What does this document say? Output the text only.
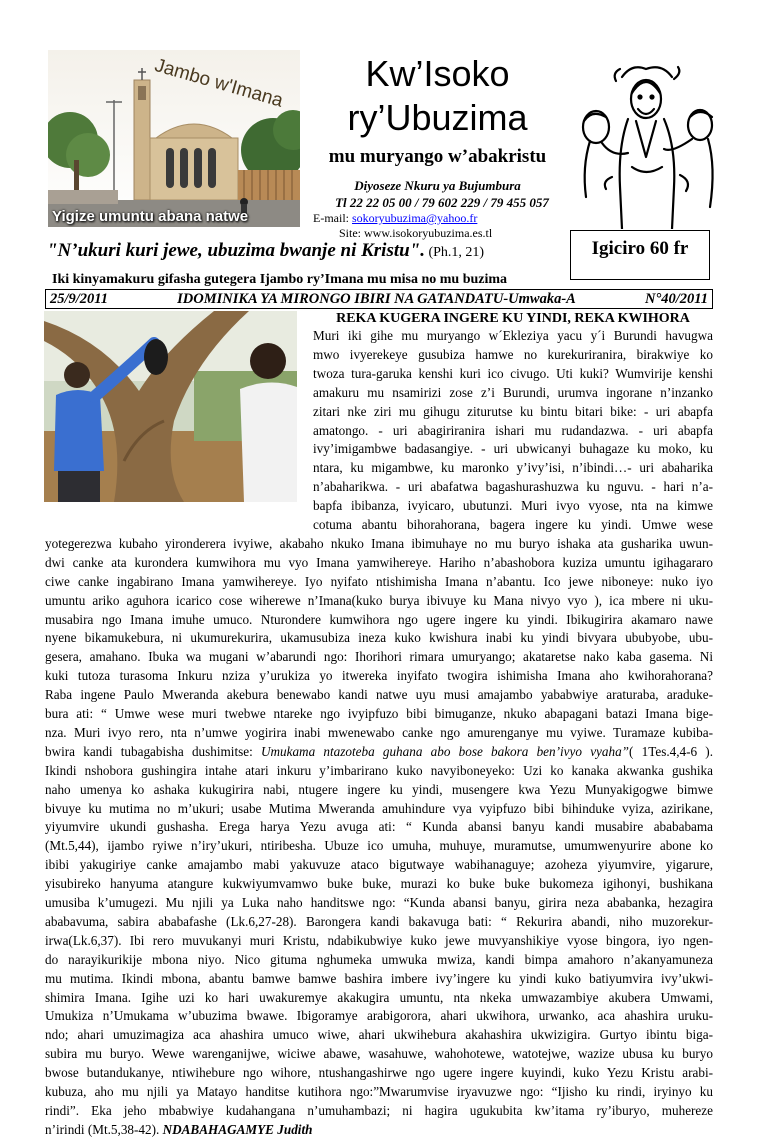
Jambo w'Imana
Yigize umuntu abana natwe
Kw’Isoko
ry’Ubuzima
mu muryango w’abakristu
Diyoseze Nkuru ya Bujumbura
Tl 22 22 05 00 / 79 602 229 / 79 455 057
E-mail: sokoryubuzima@yahoo.fr
Site: www.isokoryubuzima.es.tl
"N’ukuri kuri jewe, ubuzima bwanje ni Kristu". (Ph.1, 21)	Igiciro 60 fr
Iki kinyamakuru gifasha gutegera Ijambo ry’Imana mu misa no mu buzima
25/9/2011	IDOMINIKA YA MIRONGO IBIRI NA GATANDATU-Umwaka-A	N°40/2011
REKA KUGERA INGERE KU YINDI, REKA KWIHORA
Muri iki gihe mu muryango w´Ekleziya yacu y´i Burundi havugwa
mwo ivyerekeye gusubiza hamwe no kurekuriranira, birakwiye ko
twoza tura-garuka kenshi kuri ico civugo. Uti kuki? Wumvirije kenshi
amakuru mu nsamirizi zose z’i Burundi, urumva ingorane n’inzanko
zitari nke ziri mu gihugu ziturutse ku bintu bitari bike: - uri abapfa
amatongo. - uri abagiriranira ishari mu rudandazwa. - uri abapfa
ivy’imigambwe badasangiye. - uri ubwicanyi buhagaze ku moko, ku
ntara, ku migambwe, ku maronko y’ivy’isi, n’ibindi…- uri abaharika
n’abaharikwa. - uri abafatwa bagashurashuzwa ku nguvu. - hari n’a-
bapfa ibibanza, ivyicaro, ubutunzi. Muri ivyo vyose, nta na kimwe
cotuma abantu bihorahorana, bagera ingere ku yindi. Umwe wese
yotegerezwa kubaho yironderera ivyiwe, akabaho nkuko Imana ibimuhaye no mu buryo ishaka ata gusharika uwun-
dwi canke ata kurondera kumwihora mu vyo Imana yamwihereye. Hariho n’abashobora kuziza umuntu igihagararo
ciwe canke ingabirano Imana yamwihereye. Iyo nyifato ntishimisha Imana n’abantu. Ico jewe niboneye: nuko iyo
umuntu ariko aguhora icarico cose wiherewe n’Imana(kuko burya ibivuye ku Mana nivyo vyo ), ica mbere ni uku-
musabira ngo Imana imuhe umuco. Nturondere kumwihora ngo ugere ingere ku yindi. Ibikugirira akamaro nawe
nyene bikamukebura, ni ukumurekurira, ukamusubiza ineza kuko kwishura inabi ku yindi bivyara ububyobe, ubu-
gesera, amahano. Ibuka wa mugani w’abarundi ngo: Ihorihori rimara umuryango; akataretse nako kaba gasema. Ni
kuki tutoza turasoma Inkuru nziza y’urukiza yo itwereka inyifato twogira ishimisha Imana aho kwihorahorana?
Raba ingene Paulo Mweranda akebura benewabo kandi natwe uyu musi amajambo yababwiye araturaba, araduke-
bura ati: “ Umwe wese muri twebwe ntareke ngo ivyipfuzo bibi bimuganze, nkuko abapagani batazi Imana bige-
nza. Muri ivyo rero, nta n’umwe yogirira inabi mwenewabo canke ngo amurenganye mu vyiwe. Turamaze kubiba-
bwira kandi tubagabisha dushimitse: Umukama ntazoteba guhana abo bose bakora ben’ivyo vyaha”( 1Tes.4,4-6 ).
Ikindi nshobora gushingira intahe atari inkuru y’imbarirano kuko navyiboneyeko: Uzi ko kanaka akwanka gushika
naho umenya ko ashaka kukugirira nabi, ntugere ingere ku yindi, musengere kwa Yezu Munyakigogwe bimwe
bivuye ku mutima no m’ukuri; usabe Mutima Mweranda amuhindure vya vyipfuzo bibi bihinduke vyiza, azirikane,
yiyumvire ukundi gushasha. Erega harya Yezu avuga ati: “ Kunda abansi banyu kandi musabire abababama
(Mt.5,44), ijambo ryiwe n’iry’ukuri, ntiribesha. Ubuze ico umuha, muhuye, muramutse, umumwenyurire abone ko
ibibi yakugiriye canke amajambo mabi yakuvuze ataco bigutwaye wabihanaguye; azoheza yiyumvire, yigarure,
yisubireko hanyuma atangure kukwiyumvamwo buke buke, murazi ko buke buke bukomeza igihonyi, bushikana
umusiba k’umugezi. Mu njili ya Luka naho handitswe ngo: “Kunda abansi banyu, girira neza ababanka, hezagira
ababavuma, sabira ababafashe (Lk.6,27-28). Barongera kandi bakavuga bati: “ Rekurira abandi, niho muzorekur-
irwa(Lk.6,37). Ibi rero muvukanyi muri Kristu, ndabikubwiye kuko jewe muvyanshikiye vyose bingora, iyo ngen-
do narayikurikije mbona niyo. Nico gituma nghumeka umwuka mwiza, kandi bimpa amahoro n’akanyamuneza
mu mutima. Ikindi mbona, abantu bamwe bamwe bashira imbere ivy’ingere ku yindi kuko batiyumvira ivy’ukwi-
shimira Imana. Igihe uzi ko hari uwakuremye akakugira umuntu, nta nkeka umwazambiye akubera Umwami,
Umukiza n’Umukama w’ubuzima bwawe. Ibigoramye arabigorora, ahari ukwihora, urwanko, aca ahashira uruku-
ndo; ahari umuzimagiza aca ahashira umuco wiwe, ahari ukwihebura akahashira ukwizigira. Gurtyo ibintu biga-
subira mu buryo. Wewe warenganijwe, wiciwe abawe, wasahuwe, wahohotewe, watotejwe, wazize ubusa ku buryo
bwose butandukanye, ntiwihebure ngo wihore, ntushangashirwe ngo ugere ingere kuyindi, kuko Yezu Kristu arabi-
kubuza, aho mu njili ya Matayo handitse kutihora ngo:”Mwarumvise iryavuzwe ngo: “Ijisho ku rindi, iryinyo ku
rindi”. Eka jeho mbabwiye kudahangana n’umuhambazi; ni hagira ugukubita kw’itama ry’iburyo, muhereze
n’irindi (Mt.5,38-42). NDABAHAGAMYE Judith
